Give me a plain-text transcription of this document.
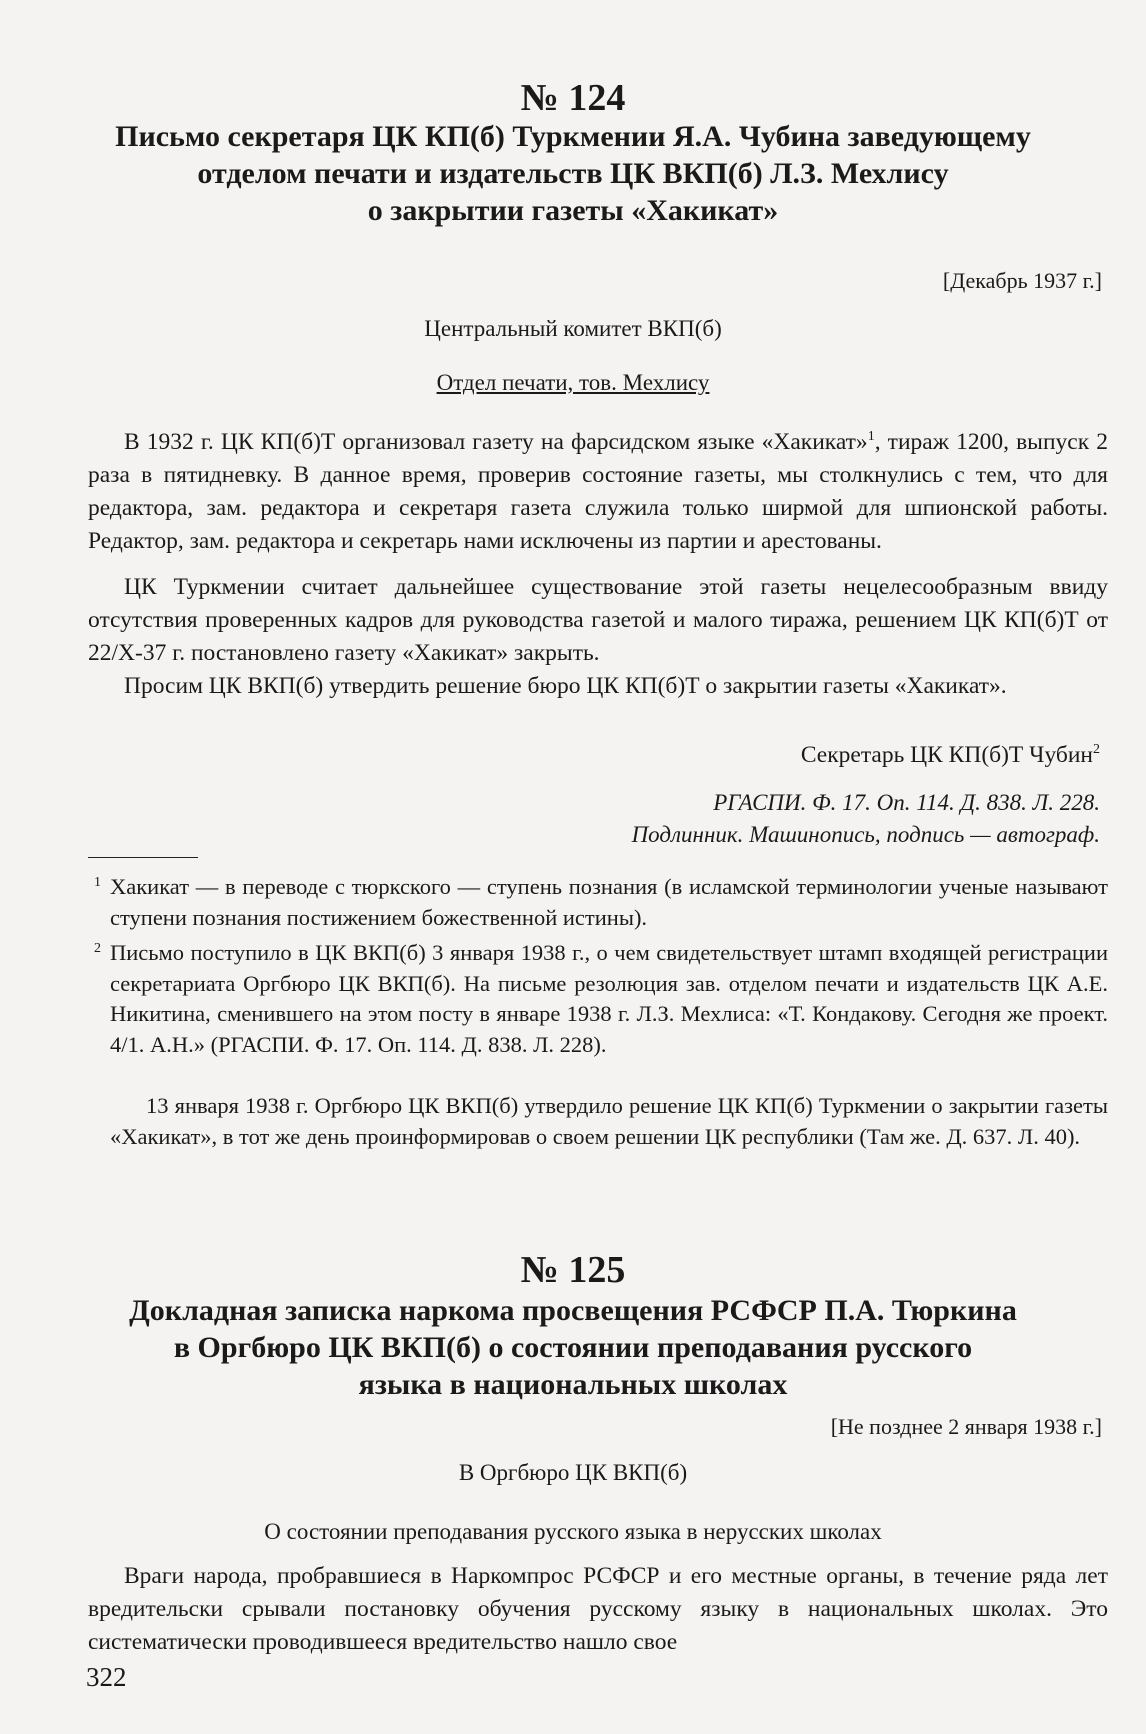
№ 124
Письмо секретаря ЦК КП(б) Туркмении Я.А. Чубина заведующему
отделом печати и издательств ЦК ВКП(б) Л.З. Мехлису
о закрытии газеты «Хакикат»
[Декабрь 1937 г.]
Центральный комитет ВКП(б)
Отдел печати, тов. Мехлису

В 1932 г. ЦК КП(б)Т организовал газету на фарсидском языке «Хакикат»$^1$, тираж 1200, выпуск 2 раза в пятидневку. В данное время, проверив состояние газеты, мы столкнулись с тем, что для редактора, зам. редактора и секретаря газета служила только ширмой для шпионской работы. Редактор, зам. редактора и секретарь нами исключены из партии и арестованы.

ЦК Туркмении считает дальнейшее существование этой газеты нецелесообразным ввиду отсутствия проверенных кадров для руководства газетой и малого тиража, решением ЦК КП(б)Т от 22/Х-37 г. постановлено газету «Хакикат» закрыть.

Просим ЦК ВКП(б) утвердить решение бюро ЦК КП(б)Т о закрытии газеты «Хакикат».

Секретарь ЦК КП(б)Т Чубин$^2$
РГАСПИ. Ф. 17. Оп. 114. Д. 838. Л. 228.
Подлинник. Машинопись, подпись — автограф.

1 Хакикат — в переводе с тюркского — ступень познания (в исламской терминологии ученые называют ступени познания постижением божественной истины).

2 Письмо поступило в ЦК ВКП(б) 3 января 1938 г., о чем свидетельствует штамп входящей регистрации секретариата Оргбюро ЦК ВКП(б). На письме резолюция зав. отделом печати и издательств ЦК А.Е. Никитина, сменившего на этом посту в январе 1938 г. Л.З. Мехлиса: «Т. Кондакову. Сегодня же проект. 4/1. А.Н.» (РГАСПИ. Ф. 17. Оп. 114. Д. 838. Л. 228).

13 января 1938 г. Оргбюро ЦК ВКП(б) утвердило решение ЦК КП(б) Туркмении о закрытии газеты «Хакикат», в тот же день проинформировав о своем решении ЦК республики (Там же. Д. 637. Л. 40).

№ 125
Докладная записка наркома просвещения РСФСР П.А. Тюркина
в Оргбюро ЦК ВКП(б) о состоянии преподавания русского
языка в национальных школах
[Не позднее 2 января 1938 г.]
В Оргбюро ЦК ВКП(б)
О состоянии преподавания русского языка в нерусских школах

Враги народа, пробравшиеся в Наркомпрос РСФСР и его местные органы, в течение ряда лет вредительски срывали постановку обучения русскому языку в национальных школах. Это систематически проводившееся вредительство нашло свое

322
